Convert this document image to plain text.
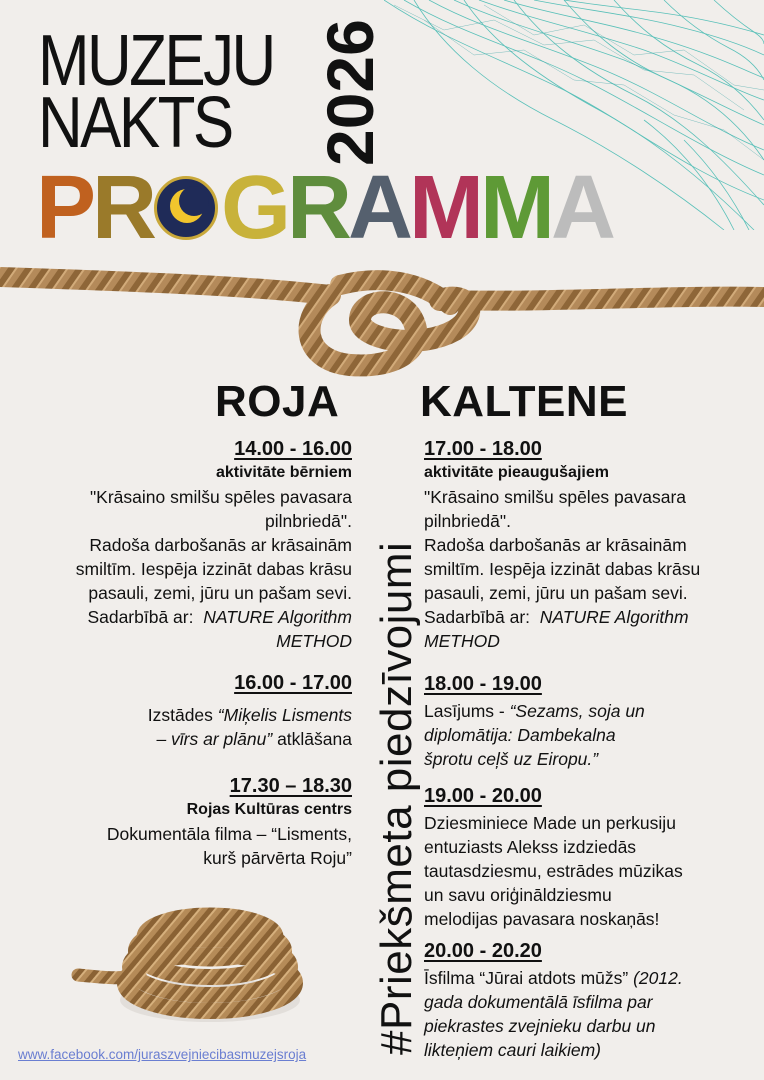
MUZEJU
NAKTS	2026
PR GRAMMA
#Priekšmeta piedzīvojumi
ROJA KALTENE
14.00 - 16.00
aktivitāte bērniem
"Krāsaino smilšu spēles pavasara
pilnbriedā".
Radoša darbošanās ar krāsainām
smiltīm. Iespēja izzināt dabas krāsu
pasauli, zemi, jūru un pašam sevi.
Sadarbībā ar: NATURE Algorithm
METHOD
16.00 - 17.00
Izstādes “Miķelis Lisments
– vīrs ar plānu” atklāšana
17.30 – 18.30
Rojas Kultūras centrs
Dokumentāla filma – “Lisments,
kurš pārvērta Roju”
17.00 - 18.00
aktivitāte pieaugušajiem
"Krāsaino smilšu spēles pavasara
pilnbriedā".
Radoša darbošanās ar krāsainām
smiltīm. Iespēja izzināt dabas krāsu
pasauli, zemi, jūru un pašam sevi.
Sadarbībā ar: NATURE Algorithm
METHOD
18.00 - 19.00
Lasījums - “Sezams, soja un
diplomātija: Dambekalna
šprotu ceļš uz Eiropu.”
19.00 - 20.00
Dziesminiece Made un perkusiju
entuziasts Alekss izdziedās
tautasdziesmu, estrādes mūzikas
un savu oriģināldziesmu
melodijas pavasara noskaņās!
20.00 - 20.20
Īsfilma “Jūrai atdots mūžs” (2012.
gada dokumentālā īsfilma par
piekrastes zvejnieku darbu un
likteņiem cauri laikiem)
www.facebook.com/juraszvejniecibasmuzejsroja
